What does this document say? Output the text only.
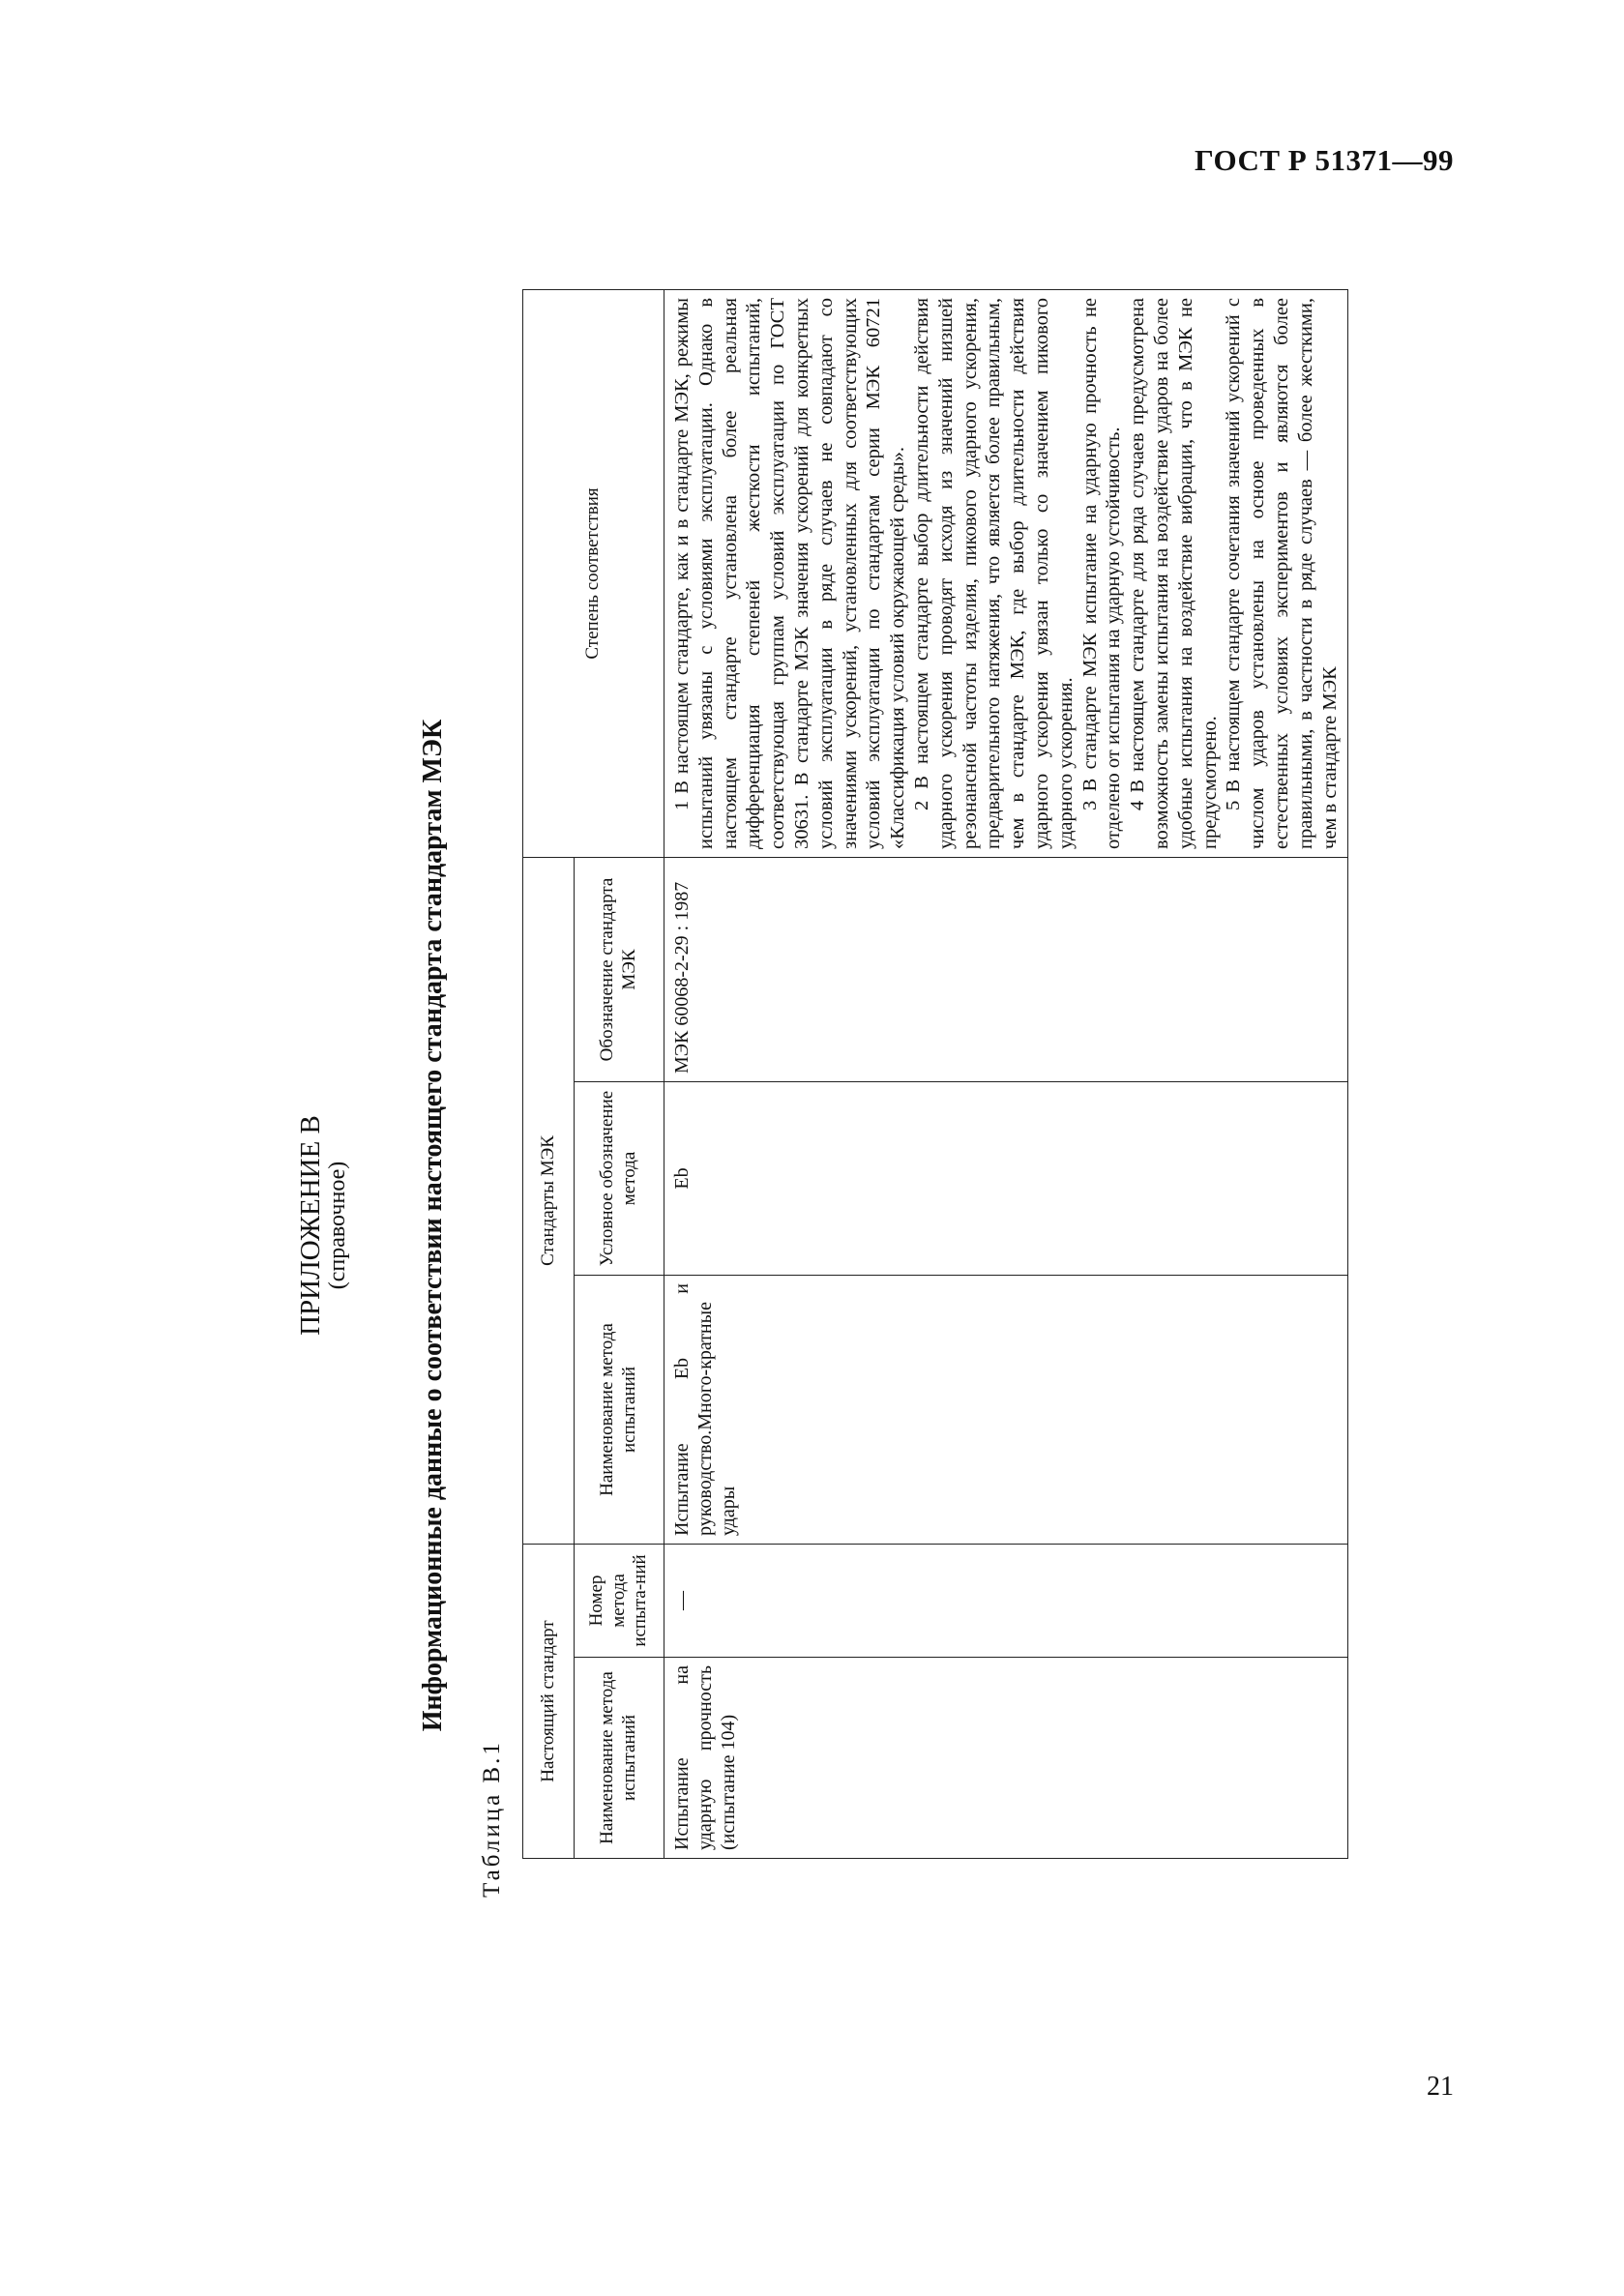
ГОСТ Р 51371—99
ПРИЛОЖЕНИЕ В (справочное)	Информационные данные о соответствии настоящего стандарта стандартам МЭК
Таблица В.1
Настоящий стандарт		Стандарты МЭК			Степень соответствия
Наименование метода испытаний	Номер метода испыта-ний	Наименование метода испытаний	Условное обозначение метода	Обозначение стандарта МЭК	
Испытание на ударную прочность (испытание 104)	—	Испытание Eb и руководство.Много-кратные удары	Eb	МЭК 60068-2-29 : 1987	1 В настоящем стандарте, как и в стандарте МЭК, режимы испытаний увязаны с условиями эксплуатации. Однако в настоящем стандарте установлена более реальная дифференциация степеней жесткости испытаний, соответствующая группам условий эксплуатации по ГОСТ 30631. В стандарте МЭК значения ускорений для конкретных условий эксплуатации в ряде случаев не совпадают со значениями ускорений, установленных для соответствующих условий эксплуатации по стандартам серии МЭК 60721 «Классификация условий окружающей среды». 2 В настоящем стандарте выбор длительности действия ударного ускорения проводят исходя из значений низшей резонансной частоты изделия, пикового ударного ускорения, предварительного натяжения, что является более правильным, чем в стандарте МЭК, где выбор длительности действия ударного ускорения увязан только со значением пикового ударного ускорения. 3 В стандарте МЭК испытание на ударную прочность не отделено от испытания на ударную устойчивость. 4 В настоящем стандарте для ряда случаев предусмотрена возможность замены испытания на воздействие ударов на более удобные испытания на воздействие вибрации, что в МЭК не предусмотрено. 5 В настоящем стандарте сочетания значений ускорений с числом ударов установлены на основе проведенных в естественных условиях экспериментов и являются более правильными, в частности в ряде случаев — более жесткими, чем в стандарте МЭК

21
